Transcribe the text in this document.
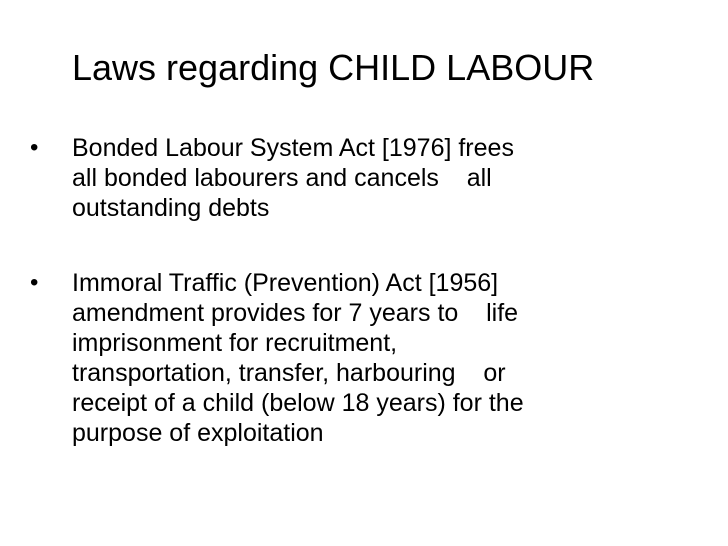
Laws regarding CHILD LABOUR
•	Bonded Labour System Act [1976] frees
all bonded labourers and cancels    all
outstanding debts
•	Immoral Traffic (Prevention) Act [1956]
amendment provides for 7 years to    life
imprisonment for recruitment,
transportation, transfer, harbouring    or
receipt of a child (below 18 years) for the
purpose of exploitation
